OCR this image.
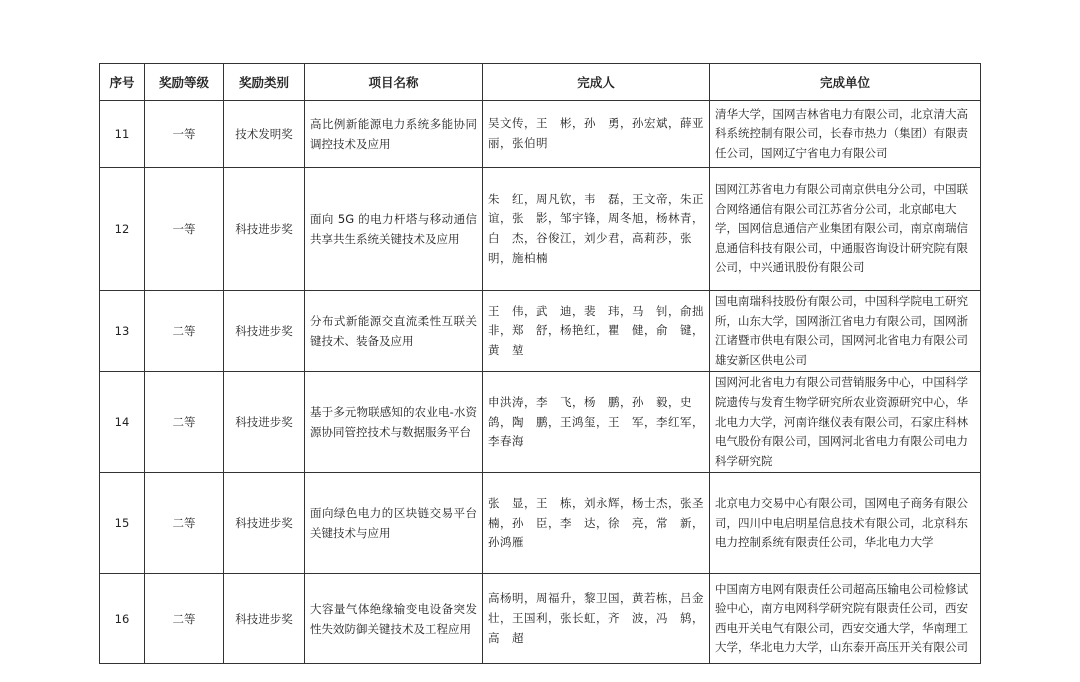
序号	奖励等级	奖励类别	项目名称	完成人	完成单位
11	一等	技术发明奖	高比例新能源电力系统多能协同调控技术及应用	吴文传，王　彬，孙　勇，孙宏斌，薛亚丽，张伯明	清华大学，国网吉林省电力有限公司，北京清大高科系统控制有限公司，长春市热力（集团）有限责任公司，国网辽宁省电力有限公司
12	一等	科技进步奖	面向 5G 的电力杆塔与移动通信共享共生系统关键技术及应用	朱　红，周凡钦，韦　磊，王文帝，朱正谊，张　影，邹宇锋，周冬旭，杨林青，白　杰，谷俊江，刘少君，高莉莎，张　明，施柏楠	国网江苏省电力有限公司南京供电分公司，中国联合网络通信有限公司江苏省分公司，北京邮电大学，国网信息通信产业集团有限公司，南京南瑞信息通信科技有限公司，中通服咨询设计研究院有限公司，中兴通讯股份有限公司
13	二等	科技进步奖	分布式新能源交直流柔性互联关键技术、装备及应用	王　伟，武　迪，裴　玮，马　钊，俞拙非，郑　舒，杨艳红，瞿　健，俞　键，黄　堃	国电南瑞科技股份有限公司，中国科学院电工研究所，山东大学，国网浙江省电力有限公司，国网浙江诸暨市供电有限公司，国网河北省电力有限公司雄安新区供电公司
14	二等	科技进步奖	基于多元物联感知的农业电-水资源协同管控技术与数据服务平台	申洪涛，李　飞，杨　鹏，孙　毅，史　鸽，陶　鹏，王鸿玺，王　军，李红军，李春海	国网河北省电力有限公司营销服务中心，中国科学院遗传与发育生物学研究所农业资源研究中心，华北电力大学，河南许继仪表有限公司，石家庄科林电气股份有限公司，国网河北省电力有限公司电力科学研究院
15	二等	科技进步奖	面向绿色电力的区块链交易平台关键技术与应用	张　显，王　栋，刘永辉，杨士杰，张圣楠，孙　臣，李　达，徐　亮，常　新，孙鸿雁	北京电力交易中心有限公司，国网电子商务有限公司，四川中电启明星信息技术有限公司，北京科东电力控制系统有限责任公司，华北电力大学
16	二等	科技进步奖	大容量气体绝缘输变电设备突发性失效防御关键技术及工程应用	高杨明，周福升，黎卫国，黄若栋，吕金壮，王国利，张长虹，齐　波，冯　鸫，高　超	中国南方电网有限责任公司超高压输电公司检修试验中心，南方电网科学研究院有限责任公司，西安西电开关电气有限公司，西安交通大学，华南理工大学，华北电力大学，山东泰开高压开关有限公司
